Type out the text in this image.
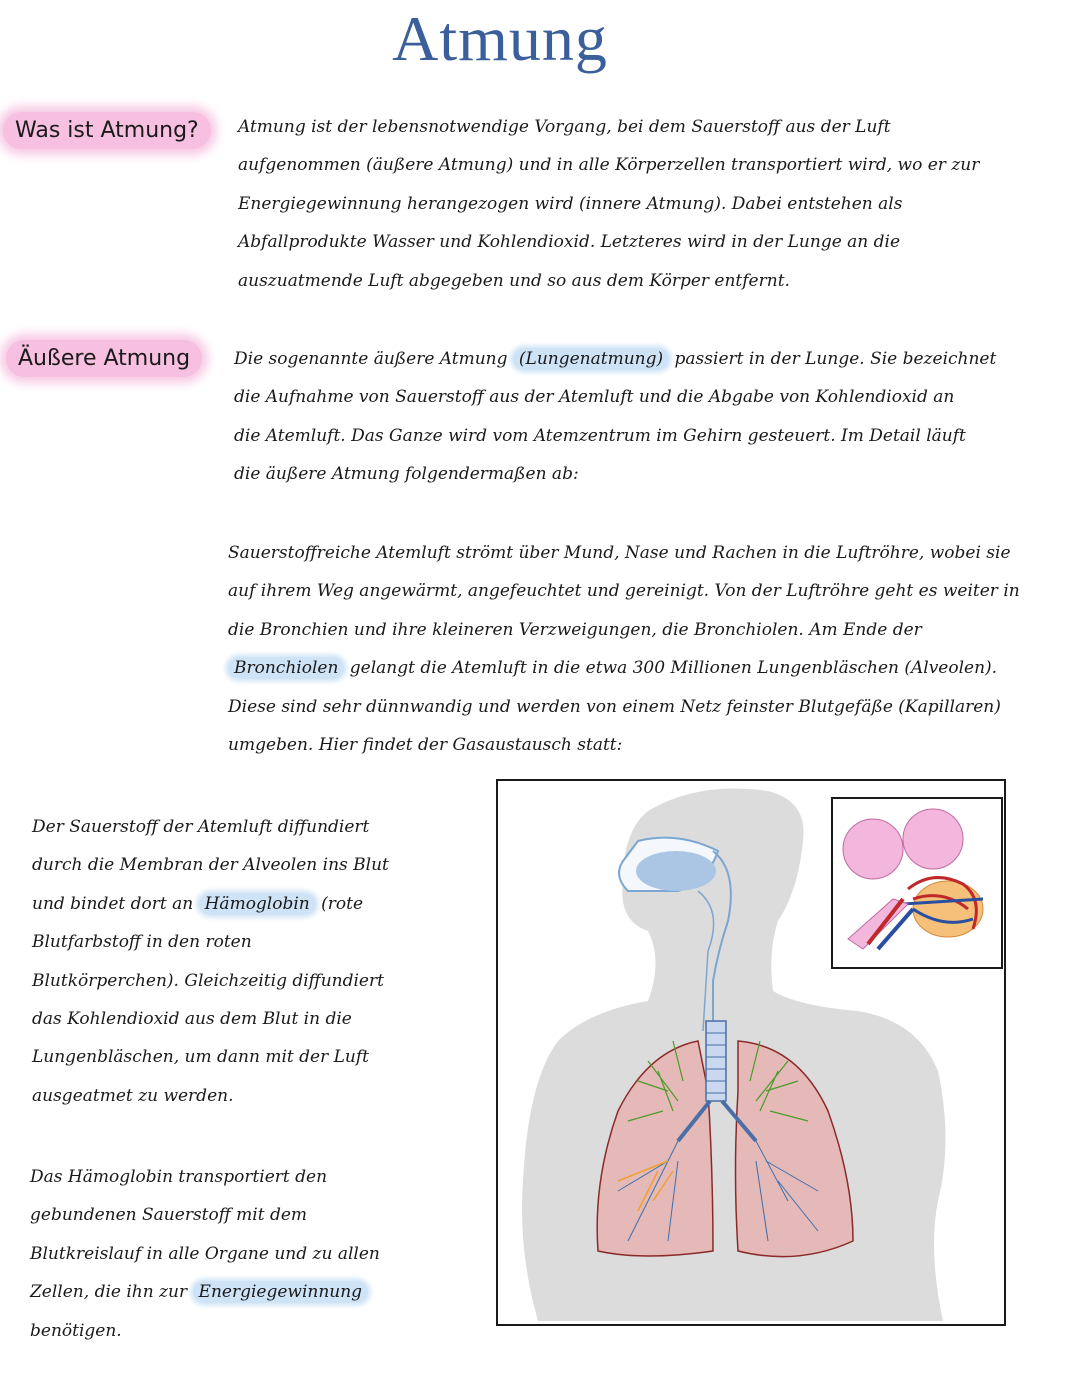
Atmung
Was ist Atmung?	Atmung ist der lebensnotwendige Vorgang, bei dem Sauerstoff aus der Luft
aufgenommen (äußere Atmung) und in alle Körperzellen transportiert wird, wo er zur
Energiegewinnung herangezogen wird (innere Atmung). Dabei entstehen als
Abfallprodukte Wasser und Kohlendioxid. Letzteres wird in der Lunge an die
auszuatmende Luft abgegeben und so aus dem Körper entfernt.
Äußere Atmung	Die sogenannte äußere Atmung (Lungenatmung) passiert in der Lunge. Sie bezeichnet
die Aufnahme von Sauerstoff aus der Atemluft und die Abgabe von Kohlendioxid an
die Atemluft. Das Ganze wird vom Atemzentrum im Gehirn gesteuert. Im Detail läuft
die äußere Atmung folgendermaßen ab:
Sauerstoffreiche Atemluft strömt über Mund, Nase und Rachen in die Luftröhre, wobei sie
auf ihrem Weg angewärmt, angefeuchtet und gereinigt. Von der Luftröhre geht es weiter in
die Bronchien und ihre kleineren Verzweigungen, die Bronchiolen. Am Ende der
Bronchiolen gelangt die Atemluft in die etwa 300 Millionen Lungenbläschen (Alveolen).
Diese sind sehr dünnwandig und werden von einem Netz feinster Blutgefäße (Kapillaren)
umgeben. Hier findet der Gasaustausch statt:
Der Sauerstoff der Atemluft diffundiert
durch die Membran der Alveolen ins Blut
und bindet dort an Hämoglobin (rote
Blutfarbstoff in den roten
Blutkörperchen). Gleichzeitig diffundiert
das Kohlendioxid aus dem Blut in die
Lungenbläschen, um dann mit der Luft
ausgeatmet zu werden.
Das Hämoglobin transportiert den
gebundenen Sauerstoff mit dem
Blutkreislauf in alle Organe und zu allen
Zellen, die ihn zur Energiegewinnung
benötigen.
